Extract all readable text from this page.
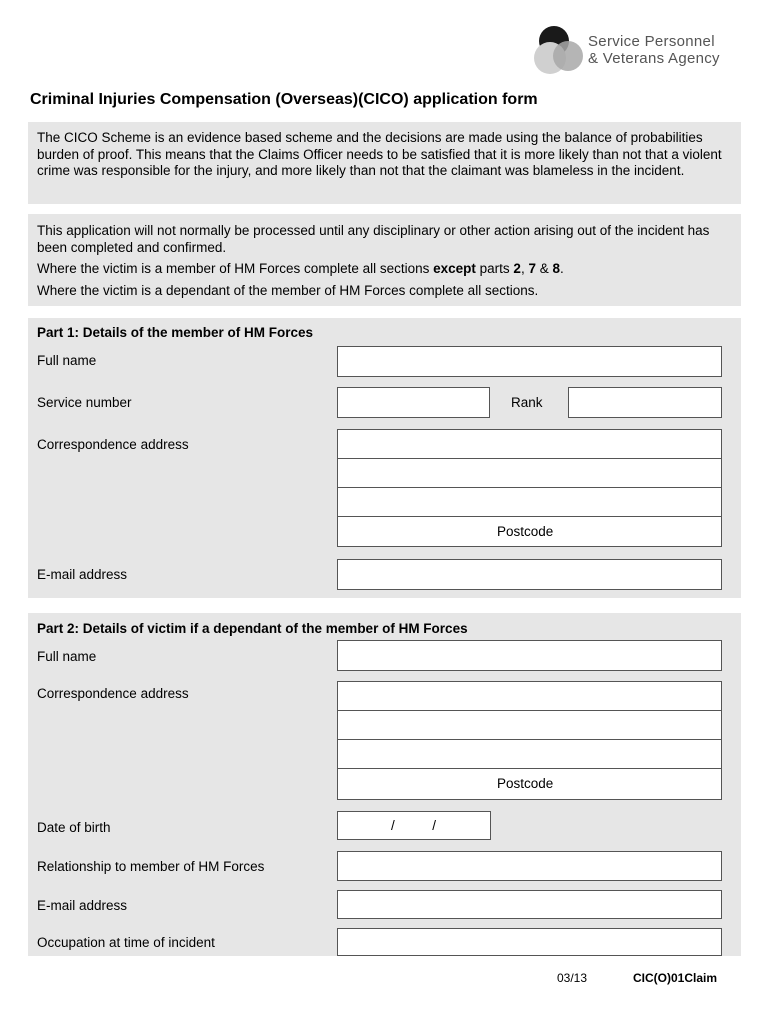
Service Personnel
& Veterans Agency
Criminal Injuries Compensation (Overseas)(CICO) application form
The CICO Scheme is an evidence based scheme and the decisions are made using the balance of probabilities burden of proof. This means that the Claims Officer needs to be satisfied that it is more likely than not that a violent crime was responsible for the injury, and more likely than not that the claimant was blameless in the incident.
This application will not normally be processed until any disciplinary or other action arising out of the incident has been completed and confirmed.
Where the victim is a member of HM Forces complete all sections except parts 2, 7 & 8.
Where the victim is a dependant of the member of HM Forces complete all sections.
Part 1: Details of the member of HM Forces
Full name
Service number	Rank
Correspondence address
Postcode
E-mail address
Part 2: Details of victim if a dependant of the member of HM Forces
Full name
Correspondence address
Postcode
Date of birth	/          /
Relationship to member of HM Forces
E-mail address
Occupation at time of incident
03/13	CIC(O)01Claim
